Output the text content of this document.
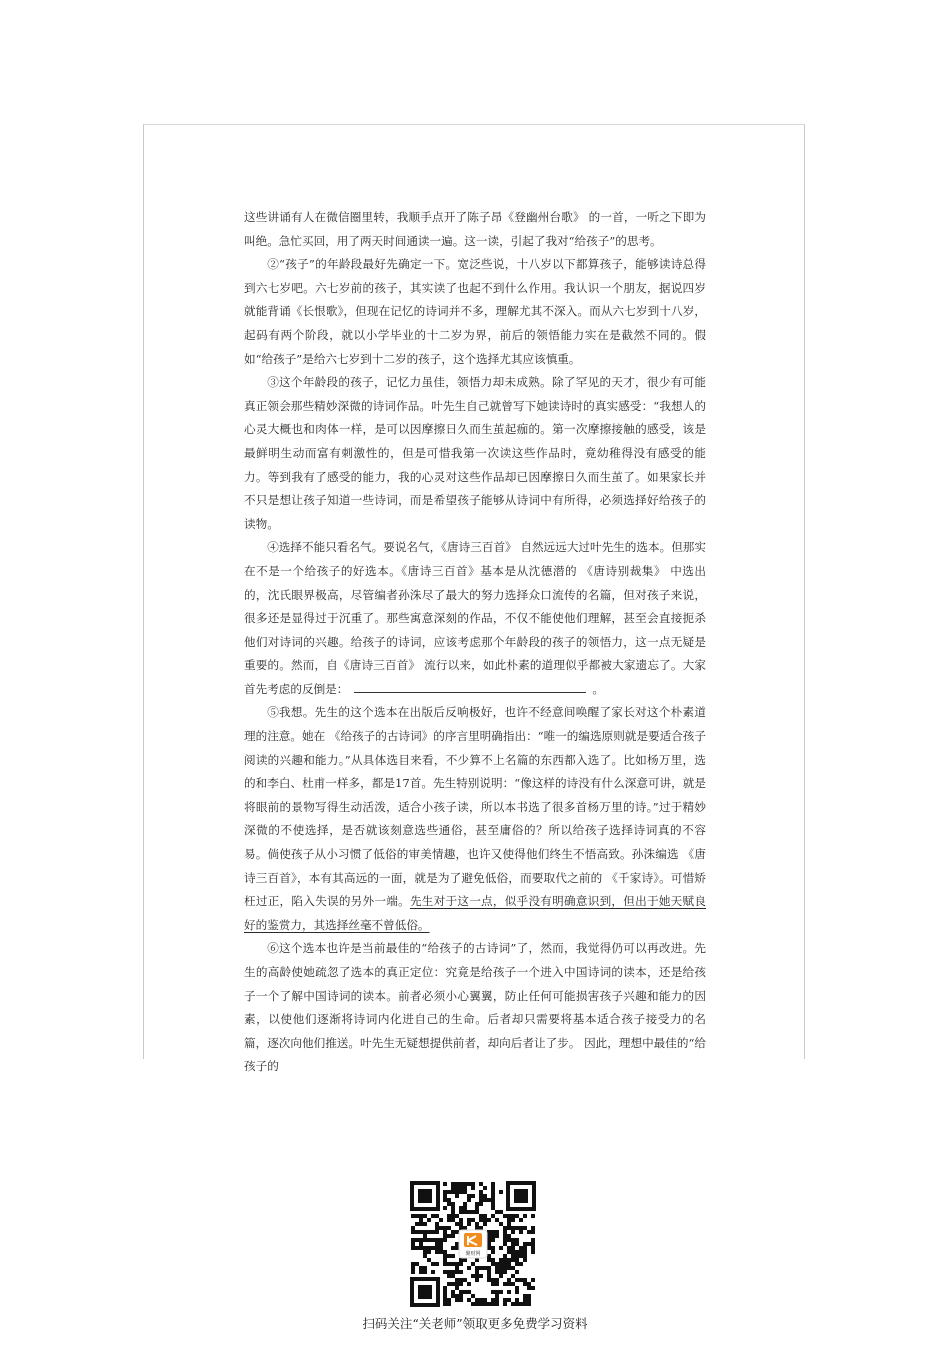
这些讲诵有人在微信圈里转，我顺手点开了陈子昂《登幽州台歌》 的一首，一听之下即为叫绝。急忙买回，用了两天时间通读一遍。这一读，引起了我对“给孩子”的思考。

②“孩子”的年龄段最好先确定一下。宽泛些说，十八岁以下都算孩子，能够读诗总得到六七岁吧。六七岁前的孩子，其实读了也起不到什么作用。我认识一个朋友，据说四岁就能背诵《长恨歌》，但现在记忆的诗词并不多，理解尤其不深入。而从六七岁到十八岁，起码有两个阶段，就以小学毕业的十二岁为界，前后的领悟能力实在是截然不同的。假如“给孩子”是给六七岁到十二岁的孩子，这个选择尤其应该慎重。

③这个年龄段的孩子，记忆力虽佳，领悟力却未成熟。除了罕见的天才，很少有可能真正领会那些精妙深微的诗词作品。叶先生自己就曾写下她读诗时的真实感受：“我想人的心灵大概也和肉体一样，是可以因摩擦日久而生茧起痂的。第一次摩擦接触的感受，该是最鲜明生动而富有刺激性的，但是可惜我第一次读这些作品时，竟幼稚得没有感受的能力。等到我有了感受的能力，我的心灵对这些作品却已因摩擦日久而生茧了。如果家长并不只是想让孩子知道一些诗词，而是希望孩子能够从诗词中有所得，必须选择好给孩子的读物。

④选择不能只看名气。要说名气，《唐诗三百首》 自然远远大过叶先生的选本。但那实在不是一个给孩子的好选本。《唐诗三百首》基本是从沈德潜的 《唐诗别裁集》 中选出的，沈氏眼界极高，尽管编者孙洙尽了最大的努力选择众口流传的名篇，但对孩子来说，很多还是显得过于沉重了。那些寓意深刻的作品，不仅不能使他们理解，甚至会直接扼杀他们对诗词的兴趣。给孩子的诗词，应该考虑那个年龄段的孩子的领悟力，这一点无疑是重要的。然而，自《唐诗三百首》 流行以来，如此朴素的道理似乎都被大家遗忘了。大家首先考虑的反倒是：	。

⑤我想。先生的这个选本在出版后反响极好，也许不经意间唤醒了家长对这个朴素道理的注意。她在 《给孩子的古诗词》的序言里明确指出：“唯一的编选原则就是要适合孩子阅读的兴趣和能力。”从具体选目来看，不少算不上名篇的东西都入选了。比如杨万里，选的和李白、杜甫一样多，都是17首。先生特别说明：“像这样的诗没有什么深意可讲，就是将眼前的景物写得生动活泼，适合小孩子读，所以本书选了很多首杨万里的诗。”过于精妙深微的不使选择，是否就该刻意选些通俗，甚至庸俗的？所以给孩子选择诗词真的不容易。倘使孩子从小习惯了低俗的审美情趣，也许又使得他们终生不悟高致。孙洙编选 《唐诗三百首》，本有其高远的一面，就是为了避免低俗，而要取代之前的 《千家诗》。可惜矫枉过正，陷入失误的另外一端。先生对于这一点，似乎没有明确意识到，但出于她天赋良好的鉴赏力，其选择丝毫不曾低俗。

⑥这个选本也许是当前最佳的“给孩子的古诗词”了，然而，我觉得仍可以再改进。先生的高龄使她疏忽了选本的真正定位：究竟是给孩子一个进入中国诗词的读本，还是给孩子一个了解中国诗词的读本。前者必须小心翼翼，防止任何可能损害孩子兴趣和能力的因素，以使他们逐渐将诗词内化进自己的生命。后者却只需要将基本适合孩子接受力的名篇，逐次向他们推送。叶先生无疑想提供前者，却向后者让了步。 因此，理想中最佳的“给孩子的

聚财网
扫码关注“关老师”领取更多免费学习资料
